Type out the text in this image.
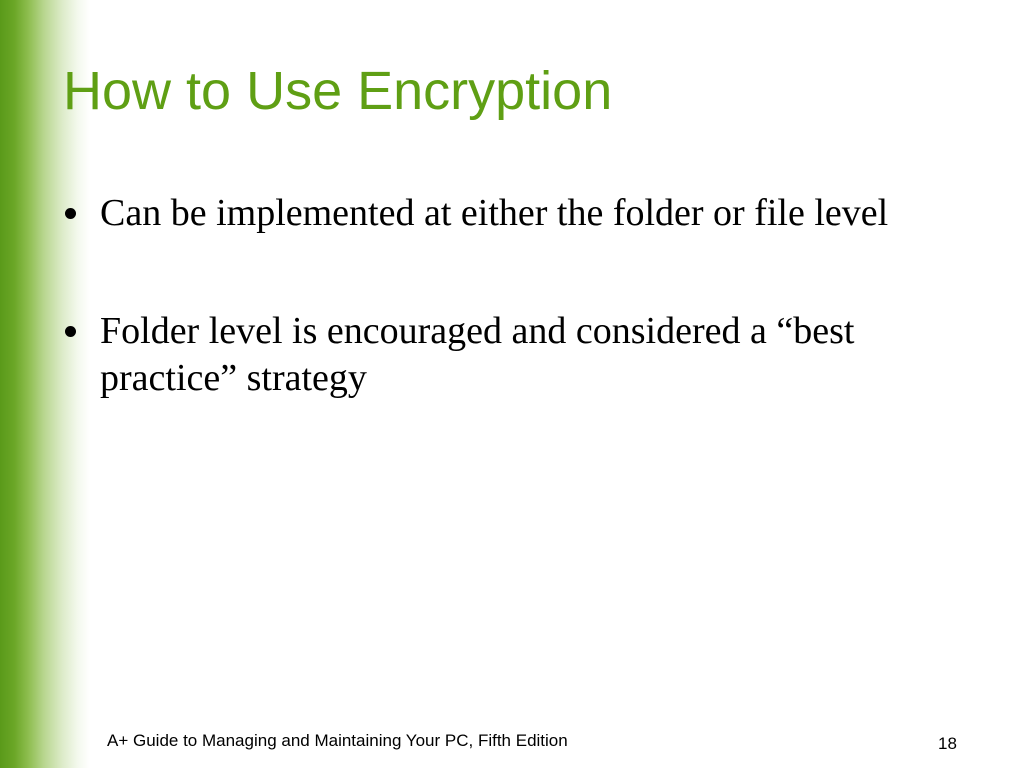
How to Use Encryption
Can be implemented at either the folder or file level
Folder level is encouraged and considered a “best practice” strategy
A+ Guide to Managing and Maintaining Your PC, Fifth Edition	18
